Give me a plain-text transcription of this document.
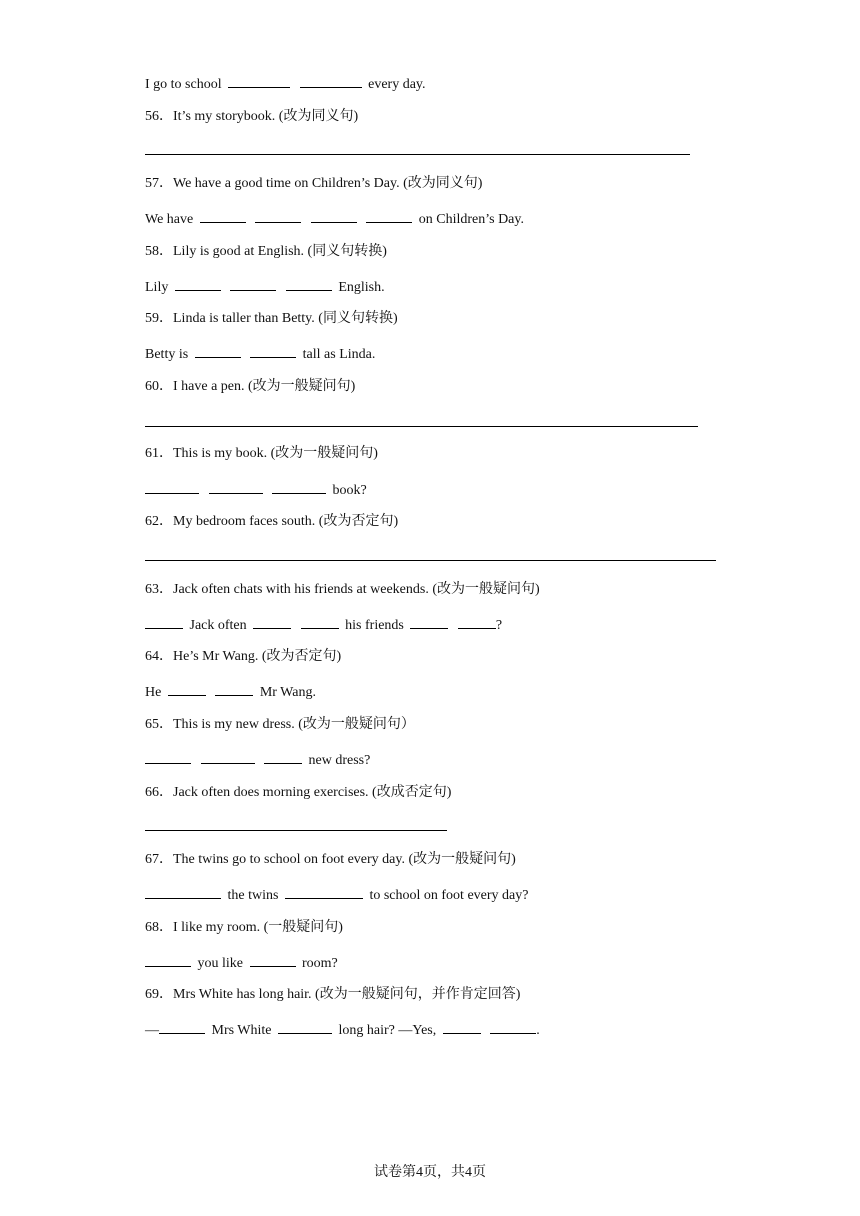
I go to school	every day.
56．It’s my storybook. (改为同义句)
57．We have a good time on Children’s Day. (改为同义句)
We have	on Children’s Day.
58．Lily is good at English. (同义句转换)
Lily	English.
59．Linda is taller than Betty. (同义句转换)
Betty is	tall as Linda.
60．I have a pen. (改为一般疑问句)
61．This is my book. (改为一般疑问句)
book?
62．My bedroom faces south. (改为否定句)
63．Jack often chats with his friends at weekends. (改为一般疑问句)
Jack often	his friends	?
64．He’s Mr Wang. (改为否定句)
He	Mr Wang.
65．This is my new dress. (改为一般疑问句）
new dress?
66．Jack often does morning exercises. (改成否定句)
67．The twins go to school on foot every day. (改为一般疑问句)
the twins	to school on foot every day?
68．I like my room. (一般疑问句)
you like	room?
69．Mrs White has long hair. (改为一般疑问句，并作肯定回答)
—	Mrs White	long hair? —Yes,	.
试卷第4页，共4页
